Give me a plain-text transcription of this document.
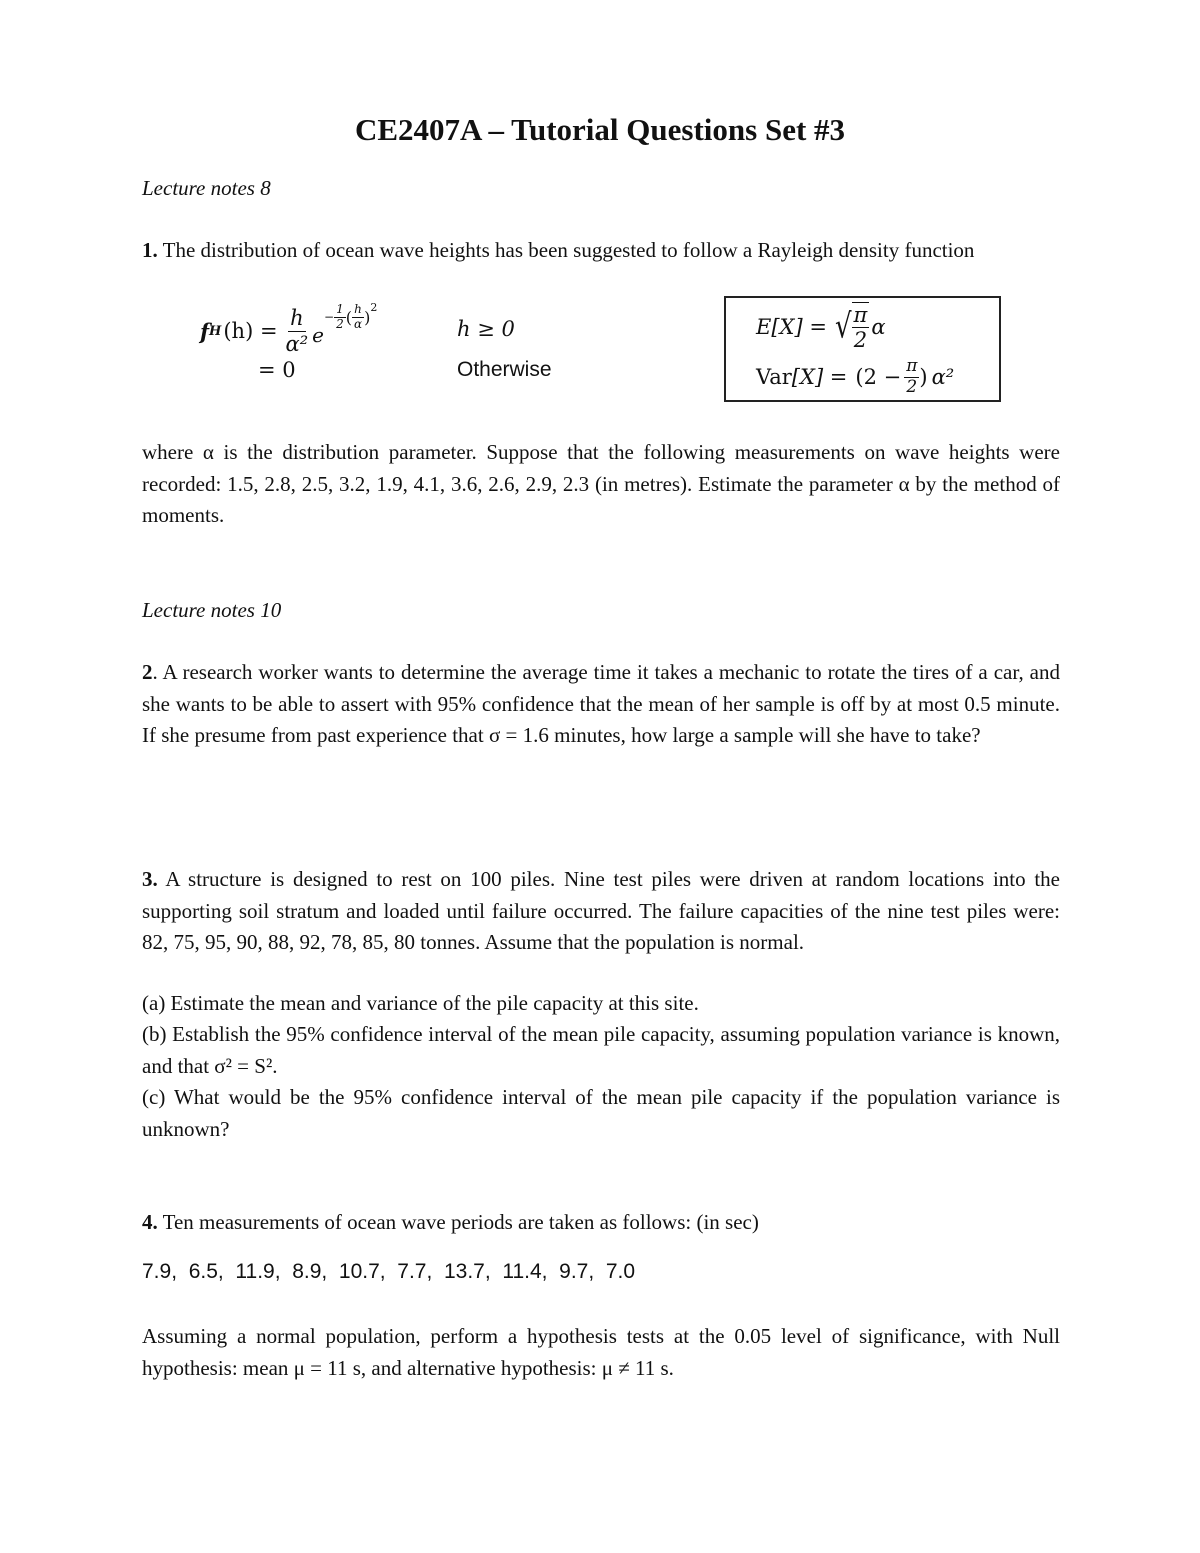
CE2407A – Tutorial Questions Set #3
Lecture notes 8
1. The distribution of ocean wave heights has been suggested to follow a Rayleigh density function
f H $(h) = \frac{h}{\text{α²}}$ e
− $\frac{1}{2}$ ( $\frac{h}{\alpha}$ )
2
h ≥ 0
= 0	Otherwise
E[X] = √ $\frac{\pi}{2}$ α
Var $[X] = (2 - \frac{\pi}{2}$ ) α²
where α is the distribution parameter. Suppose that the following measurements on wave heights were recorded: 1.5, 2.8, 2.5, 3.2, 1.9, 4.1, 3.6, 2.6, 2.9, 2.3 (in metres). Estimate the parameter α by the method of moments.
Lecture notes 10
2. A research worker wants to determine the average time it takes a mechanic to rotate the tires of a car, and she wants to be able to assert with 95% confidence that the mean of her sample is off by at most 0.5 minute. If she presume from past experience that σ = 1.6 minutes, how large a sample will she have to take?
3. A structure is designed to rest on 100 piles. Nine test piles were driven at random locations into the supporting soil stratum and loaded until failure occurred. The failure capacities of the nine test piles were: 82, 75, 95, 90, 88, 92, 78, 85, 80 tonnes. Assume that the population is normal.
(a) Estimate the mean and variance of the pile capacity at this site.
(b) Establish the 95% confidence interval of the mean pile capacity, assuming population variance is known, and that σ² = S².
(c) What would be the 95% confidence interval of the mean pile capacity if the population variance is unknown?
4. Ten measurements of ocean wave periods are taken as follows: (in sec)
7.9,  6.5,  11.9,  8.9,  10.7,  7.7,  13.7,  11.4,  9.7,  7.0
Assuming a normal population, perform a hypothesis tests at the 0.05 level of significance, with Null hypothesis: mean μ = 11 s, and alternative hypothesis: μ ≠ 11 s.
